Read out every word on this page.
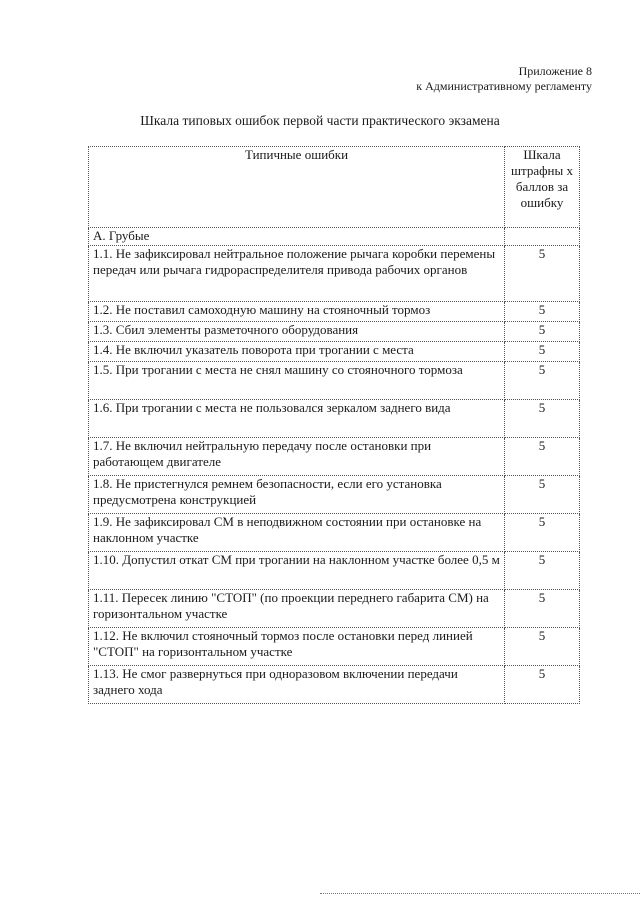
Приложение 8
к Административному регламенту
Шкала типовых ошибок первой части практического экзамена
Типичные ошибки	Шкала штрафны х баллов за ошибку
А. Грубые	
1.1. Не зафиксировал нейтральное положение рычага коробки перемены передач или рычага гидрораспределителя привода рабочих органов	5
1.2. Не поставил самоходную машину на стояночный тормоз	5
1.3. Сбил элементы разметочного оборудования	5
1.4. Не включил указатель поворота при трогании с места	5
1.5. При трогании с места не снял машину со стояночного тормоза	5
1.6. При трогании с места не пользовался зеркалом заднего вида	5
1.7. Не включил нейтральную передачу после остановки при работающем двигателе	5
1.8. Не пристегнулся ремнем безопасности, если его установка предусмотрена конструкцией	5
1.9. Не зафиксировал СМ в неподвижном состоянии при остановке на наклонном участке	5
1.10. Допустил откат СМ при трогании на наклонном участке более 0,5 м	5
1.11. Пересек линию "СТОП" (по проекции переднего габарита СМ) на горизонтальном участке	5
1.12. Не включил стояночный тормоз после остановки перед линией "СТОП" на горизонтальном участке	5
1.13. Не смог развернуться при одноразовом включении передачи заднего хода	5
